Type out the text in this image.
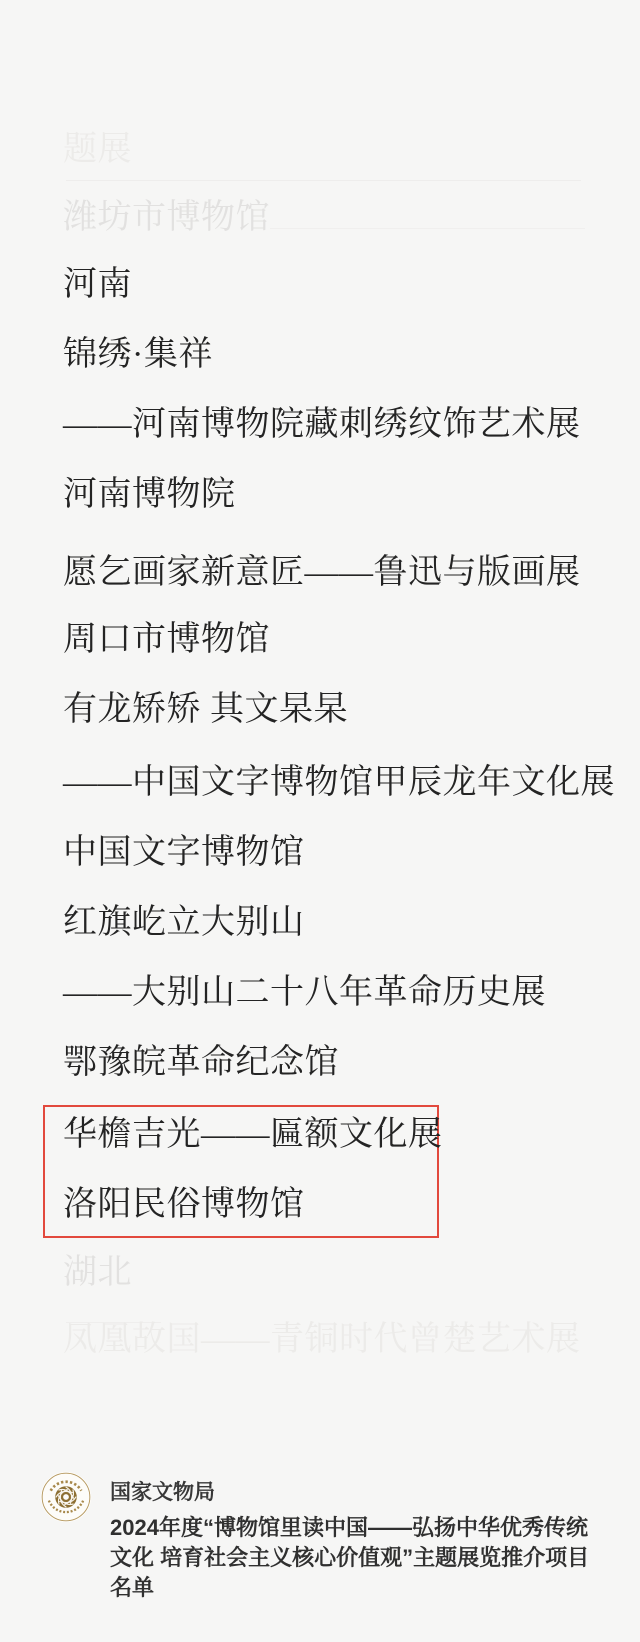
题展
潍坊市博物馆
河南
锦绣·集祥
——河南博物院藏刺绣纹饰艺术展
河南博物院
愿乞画家新意匠——鲁迅与版画展
周口市博物馆
有龙矫矫 其文杲杲
——中国文字博物馆甲辰龙年文化展
中国文字博物馆
红旗屹立大别山
——大别山二十八年革命历史展
鄂豫皖革命纪念馆
华檐吉光——匾额文化展
洛阳民俗博物馆
湖北
凤凰故国——青铜时代曾楚艺术展
国家文物局
2024年度“博物馆里读中国——弘扬中华优秀传统
文化 培育社会主义核心价值观”主题展览推介项目
名单
